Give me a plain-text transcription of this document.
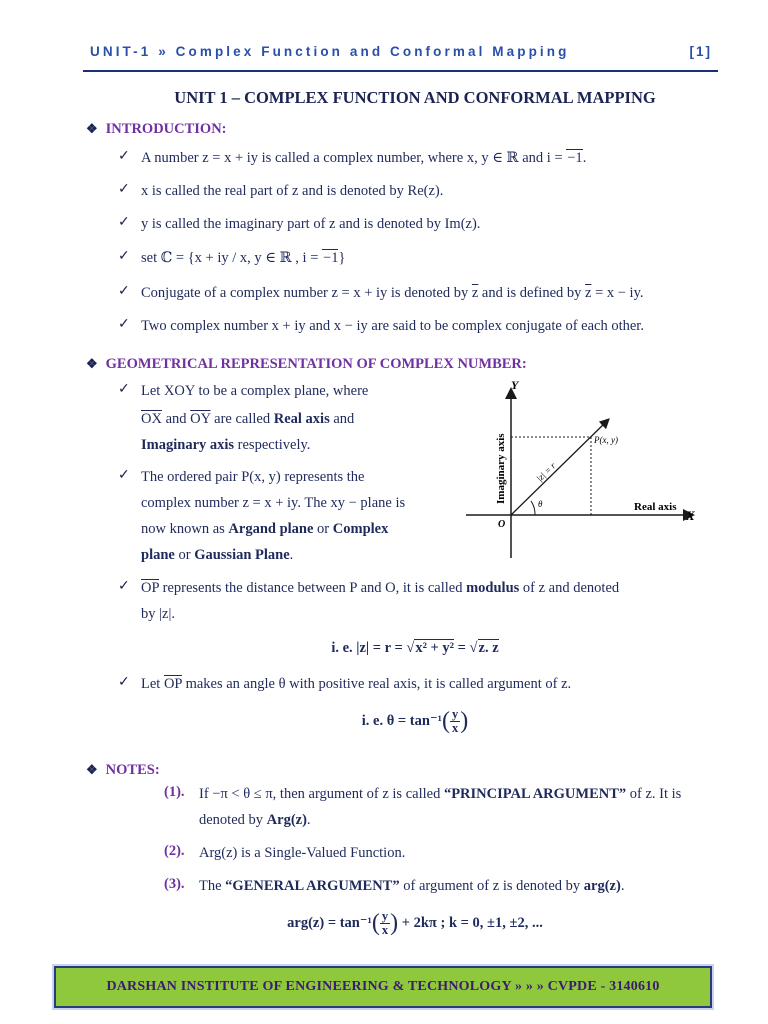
UNIT-1 » Complex Function and Conformal Mapping	[1]
UNIT 1 – COMPLEX FUNCTION AND CONFORMAL MAPPING
❖ INTRODUCTION:
✓ A number z = x + iy is called a complex number, where x, y ∈ ℝ and i = −1.
✓ x is called the real part of z and is denoted by Re(z).
✓ y is called the imaginary part of z and is denoted by Im(z).
✓ set ℂ = {x + iy / x, y ∈ ℝ , i = −1}
✓ Conjugate of a complex number z = x + iy is denoted by $\overline{z}$ and is defined by $\overline{z} = x$ − iy.
✓ Two complex number x + iy and x − iy are said to be complex conjugate of each other.
❖ GEOMETRICAL REPRESENTATION OF COMPLEX NUMBER:
✓ Let XOY to be a complex plane, where
$\overline{OX}$ and $\overline{OY}$ are called Real axis and
Imaginary axis respectively.
✓ The ordered pair P(x, y) represents the
complex number z = x + iy. The xy − plane is
now known as Argand plane or Complex
plane or Gaussian Plane.
Y
X
O
Imaginary axis
Real axis
P(x, y)
|z| = r
θ
✓ $\overline{OP}$ represents the distance between P and O, it is called modulus of z and denoted
by |z|.
i. e. |z| = r = √x² + y² = √z. z
✓ Let $\overline{OP}$ makes an angle θ with positive real axis, it is called argument of z.
i. e. $\theta = \tan^{-1}( \frac{y}{x}$ )
❖ NOTES:
(1). If −π < θ ≤ π, then argument of z is called “PRINCIPAL ARGUMENT” of z. It is
denoted by Arg(z).
(2). Arg(z) is a Single-Valued Function.
(3). The “GENERAL ARGUMENT” of argument of z is denoted by arg(z).
$arg(z) = \tan^{-1}( \frac{y}{x}$ ) + 2kπ ; k = 0, ±1, ±2, ...
DARSHAN INSTITUTE OF ENGINEERING & TECHNOLOGY » » » CVPDE - 3140610
